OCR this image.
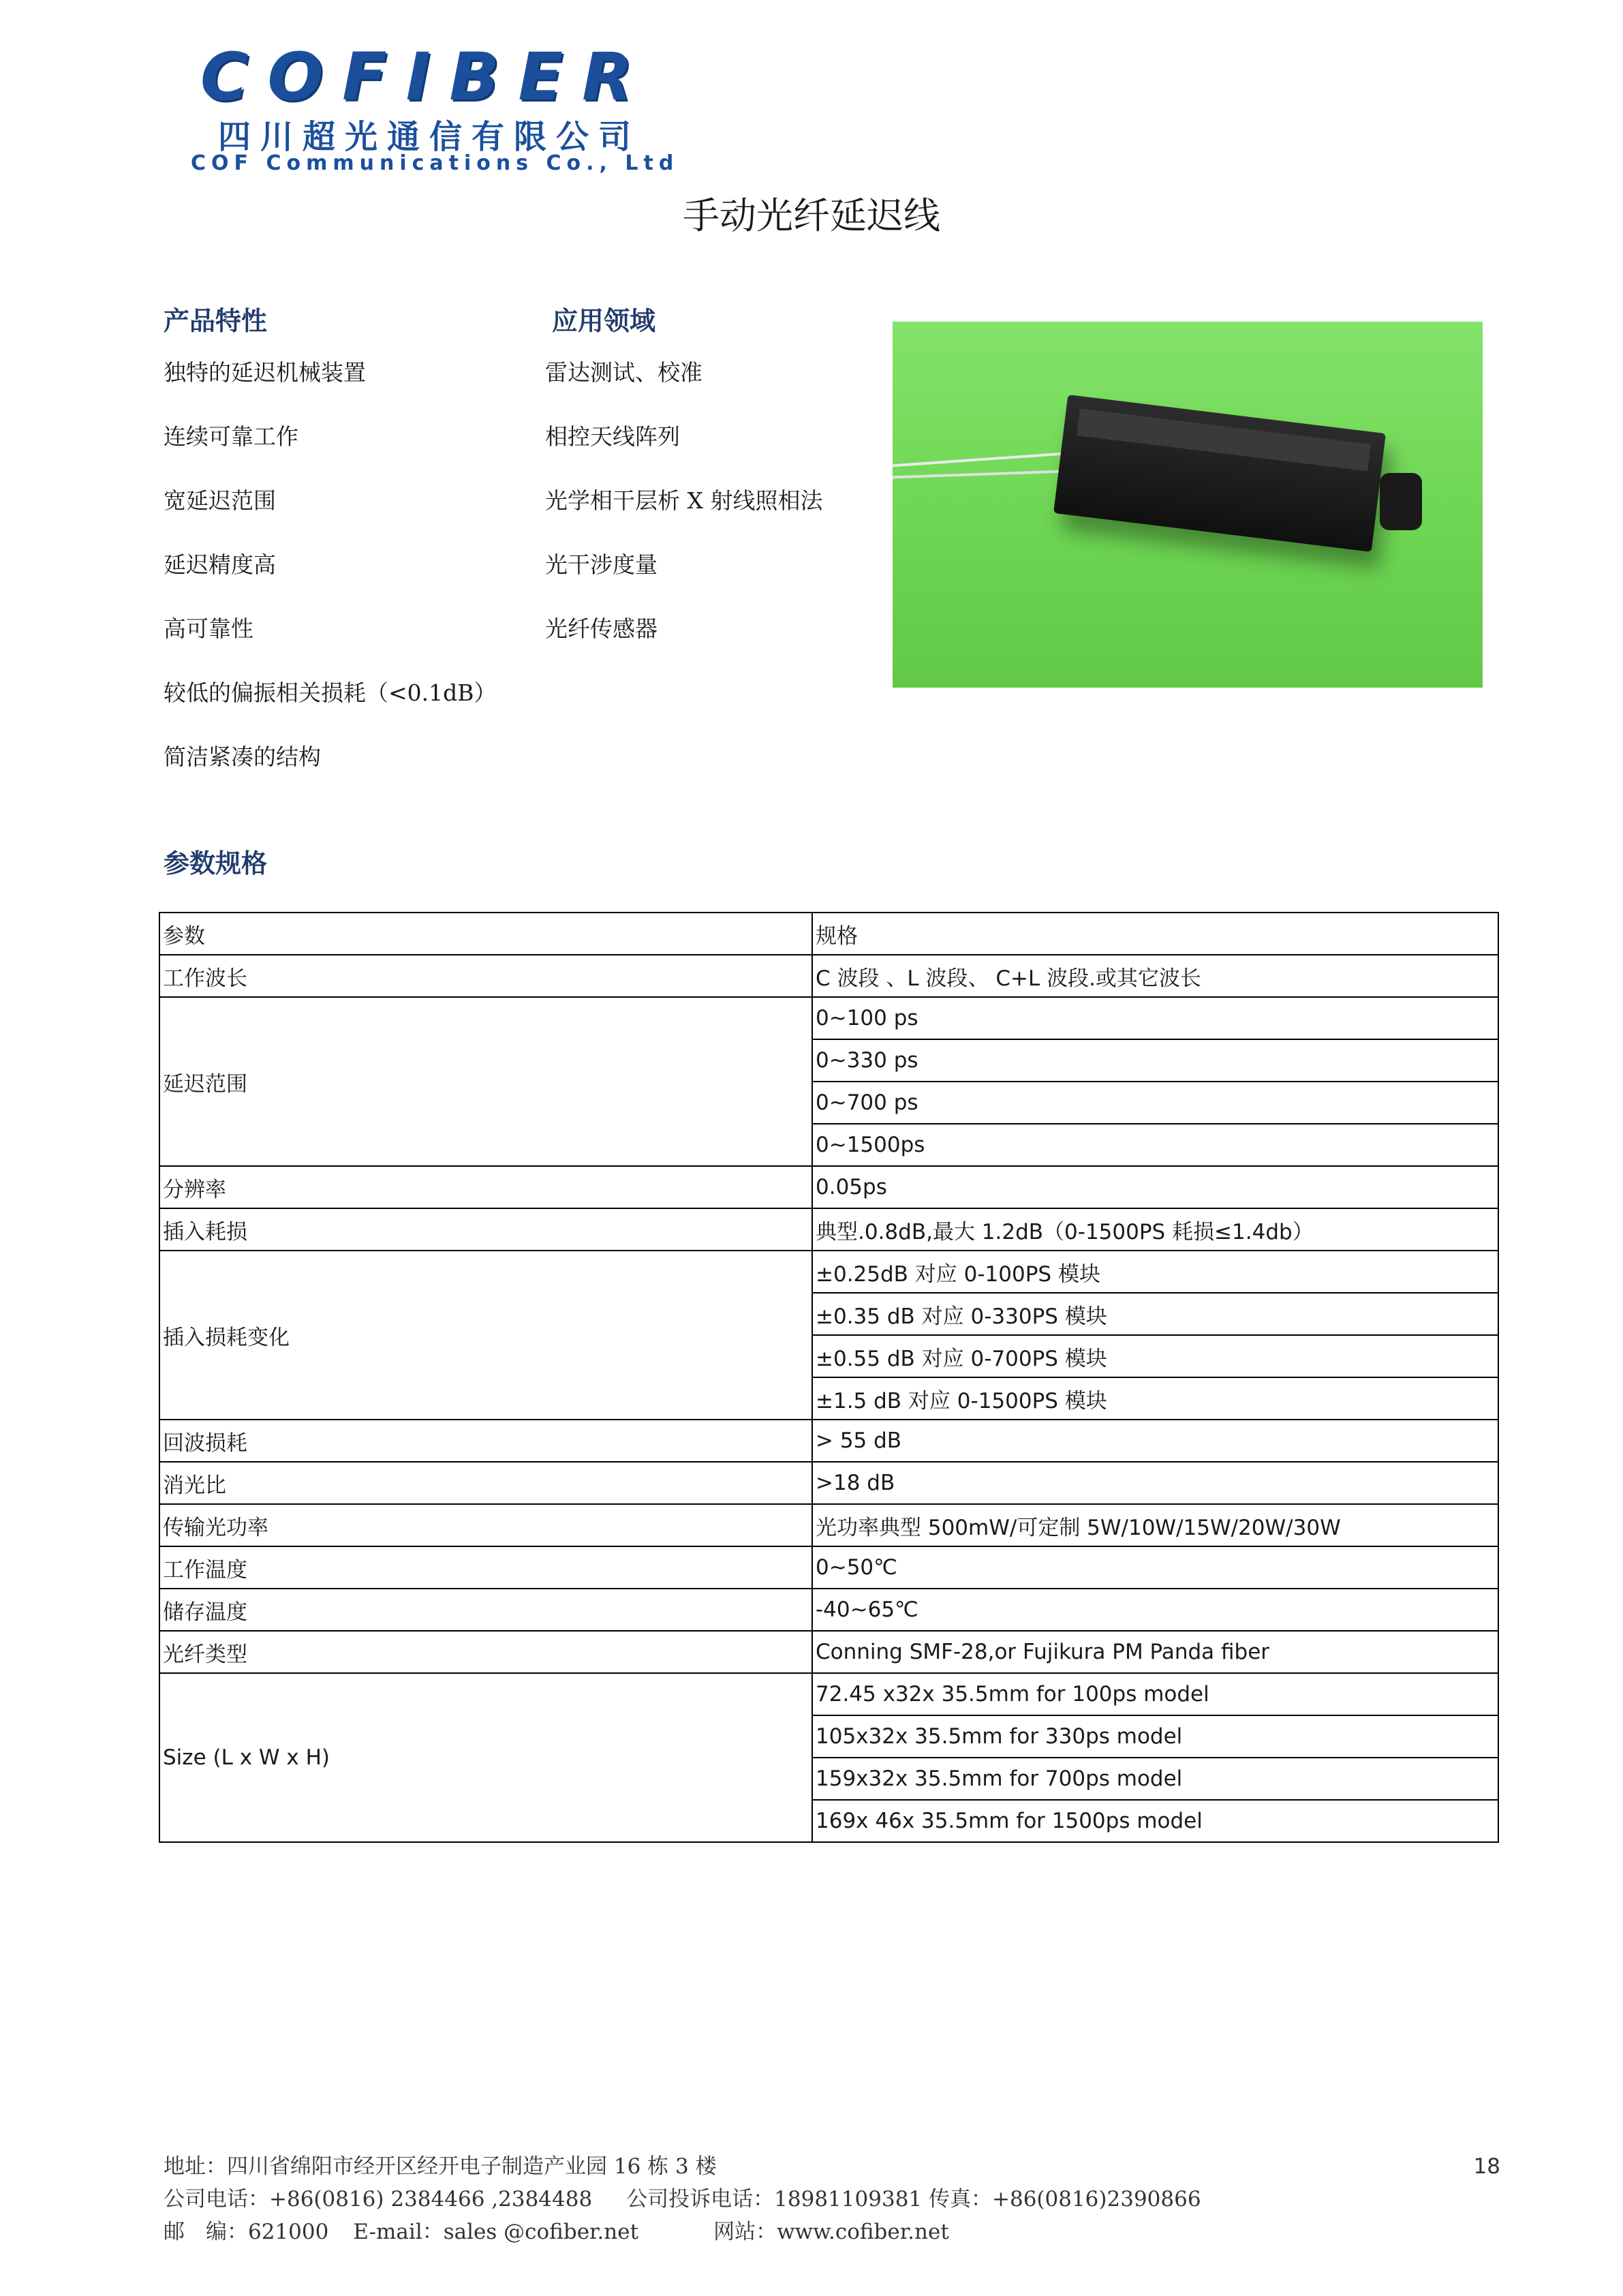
COFIBER
四川超光通信有限公司
COF Communications Co., Ltd
手动光纤延迟线
产品特性	应用领域
独特的延迟机械装置
连续可靠工作
宽延迟范围
延迟精度高
高可靠性
较低的偏振相关损耗（<0.1dB）
简洁紧凑的结构
雷达测试、校准
相控天线阵列
光学相干层析 X 射线照相法
光干涉度量
光纤传感器
参数规格
参数	规格
工作波长	C 波段 、L 波段、 C+L 波段.或其它波长
延迟范围	0~100 ps
	0~330 ps
	0~700 ps
	0~1500ps
分辨率	0.05ps
插入耗损	典型.0.8dB,最大 1.2dB（0-1500PS 耗损≤1.4db）
插入损耗变化	±0.25dB 对应 0-100PS 模块
	±0.35 dB 对应 0-330PS 模块
	±0.55 dB 对应 0-700PS 模块
	±1.5 dB 对应 0-1500PS 模块
回波损耗	> 55 dB
消光比	>18 dB
传输光功率	光功率典型 500mW/可定制 5W/10W/15W/20W/30W
工作温度	0~50℃
储存温度	-40~65℃
光纤类型	Conning SMF-28,or Fujikura PM Panda fiber
Size (L x W x H)	72.45 x32x 35.5mm for 100ps model
	105x32x 35.5mm for 330ps model
	159x32x 35.5mm for 700ps model
	169x 46x 35.5mm for 1500ps model
地址：四川省绵阳市经开区经开电子制造产业园 16 栋 3 楼
公司电话：+86(0816) 2384466 ,2384488 公司投诉电话：18981109381 传真：+86(0816)2390866
邮　编：621000 E-mail：sales @cofiber.net	网站：www.cofiber.net
18
